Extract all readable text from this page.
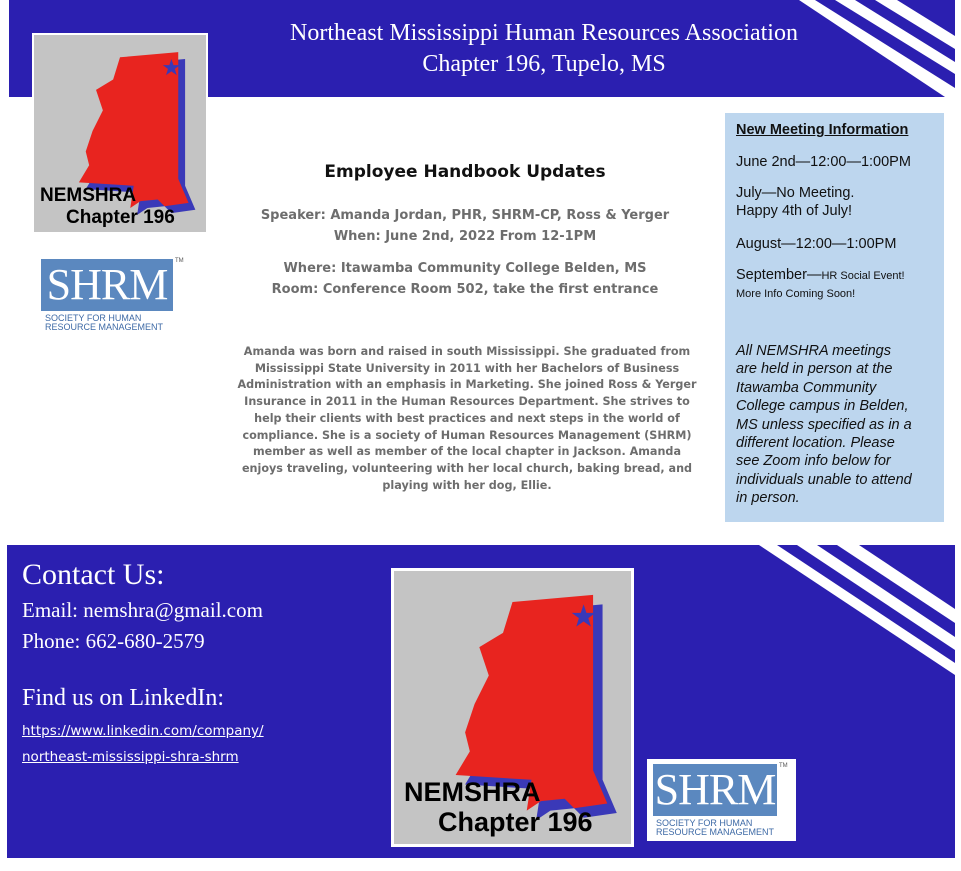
Northeast Mississippi Human Resources Association
Chapter 196, Tupelo, MS
NEMSHRA
Chapter 196
SHRM	TM
SOCIETY FOR HUMAN
RESOURCE MANAGEMENT
Employee Handbook Updates
Speaker: Amanda Jordan, PHR, SHRM-CP, Ross & Yerger
When: June 2nd, 2022 From 12-1PM
Where: Itawamba Community College Belden, MS
Room: Conference Room 502, take the first entrance
Amanda was born and raised in south Mississippi. She graduated from
Mississippi State University in 2011 with her Bachelors of Business
Administration with an emphasis in Marketing. She joined Ross & Yerger
Insurance in 2011 in the Human Resources Department. She strives to
help their clients with best practices and next steps in the world of
compliance. She is a society of Human Resources Management (SHRM)
member as well as member of the local chapter in Jackson. Amanda
enjoys traveling, volunteering with her local church, baking bread, and
playing with her dog, Ellie.
New Meeting Information
June 2nd—12:00—1:00PM
July—No Meeting.
Happy 4th of July!
August—12:00—1:00PM
September—HR Social Event!
More Info Coming Soon!
All NEMSHRA meetings
are held in person at the
Itawamba Community
College campus in Belden,
MS unless specified as in a
different location. Please
see Zoom info below for
individuals unable to attend
in person.
Contact Us:
Email: nemshra@gmail.com
Phone: 662-680-2579
Find us on LinkedIn:
https://www.linkedin.com/company/
northeast-mississippi-shra-shrm
NEMSHRA
Chapter 196
SHRM TM
SOCIETY FOR HUMAN
RESOURCE MANAGEMENT
